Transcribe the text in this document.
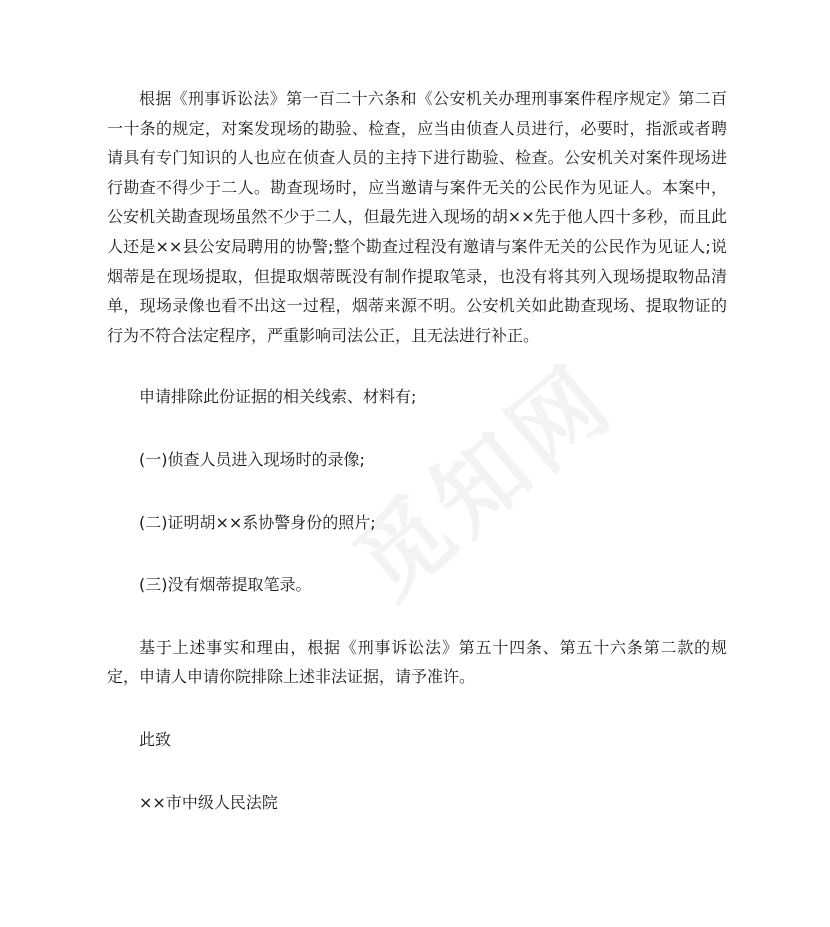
根据《刑事诉讼法》第一百二十六条和《公安机关办理刑事案件程序规定》第二百一十条的规定，对案发现场的勘验、检查，应当由侦查人员进行，必要时，指派或者聘请具有专门知识的人也应在侦查人员的主持下进行勘验、检查。公安机关对案件现场进行勘查不得少于二人。勘查现场时，应当邀请与案件无关的公民作为见证人。本案中，公安机关勘查现场虽然不少于二人，但最先进入现场的胡××先于他人四十多秒，而且此人还是××县公安局聘用的协警;整个勘查过程没有邀请与案件无关的公民作为见证人;说烟蒂是在现场提取，但提取烟蒂既没有制作提取笔录，也没有将其列入现场提取物品清单，现场录像也看不出这一过程，烟蒂来源不明。公安机关如此勘查现场、提取物证的行为不符合法定程序，严重影响司法公正，且无法进行补正。

申请排除此份证据的相关线索、材料有;

(一)侦查人员进入现场时的录像;

(二)证明胡××系协警身份的照片;

(三)没有烟蒂提取笔录。

基于上述事实和理由，根据《刑事诉讼法》第五十四条、第五十六条第二款的规定，申请人申请你院排除上述非法证据，请予准许。

此致

××市中级人民法院
